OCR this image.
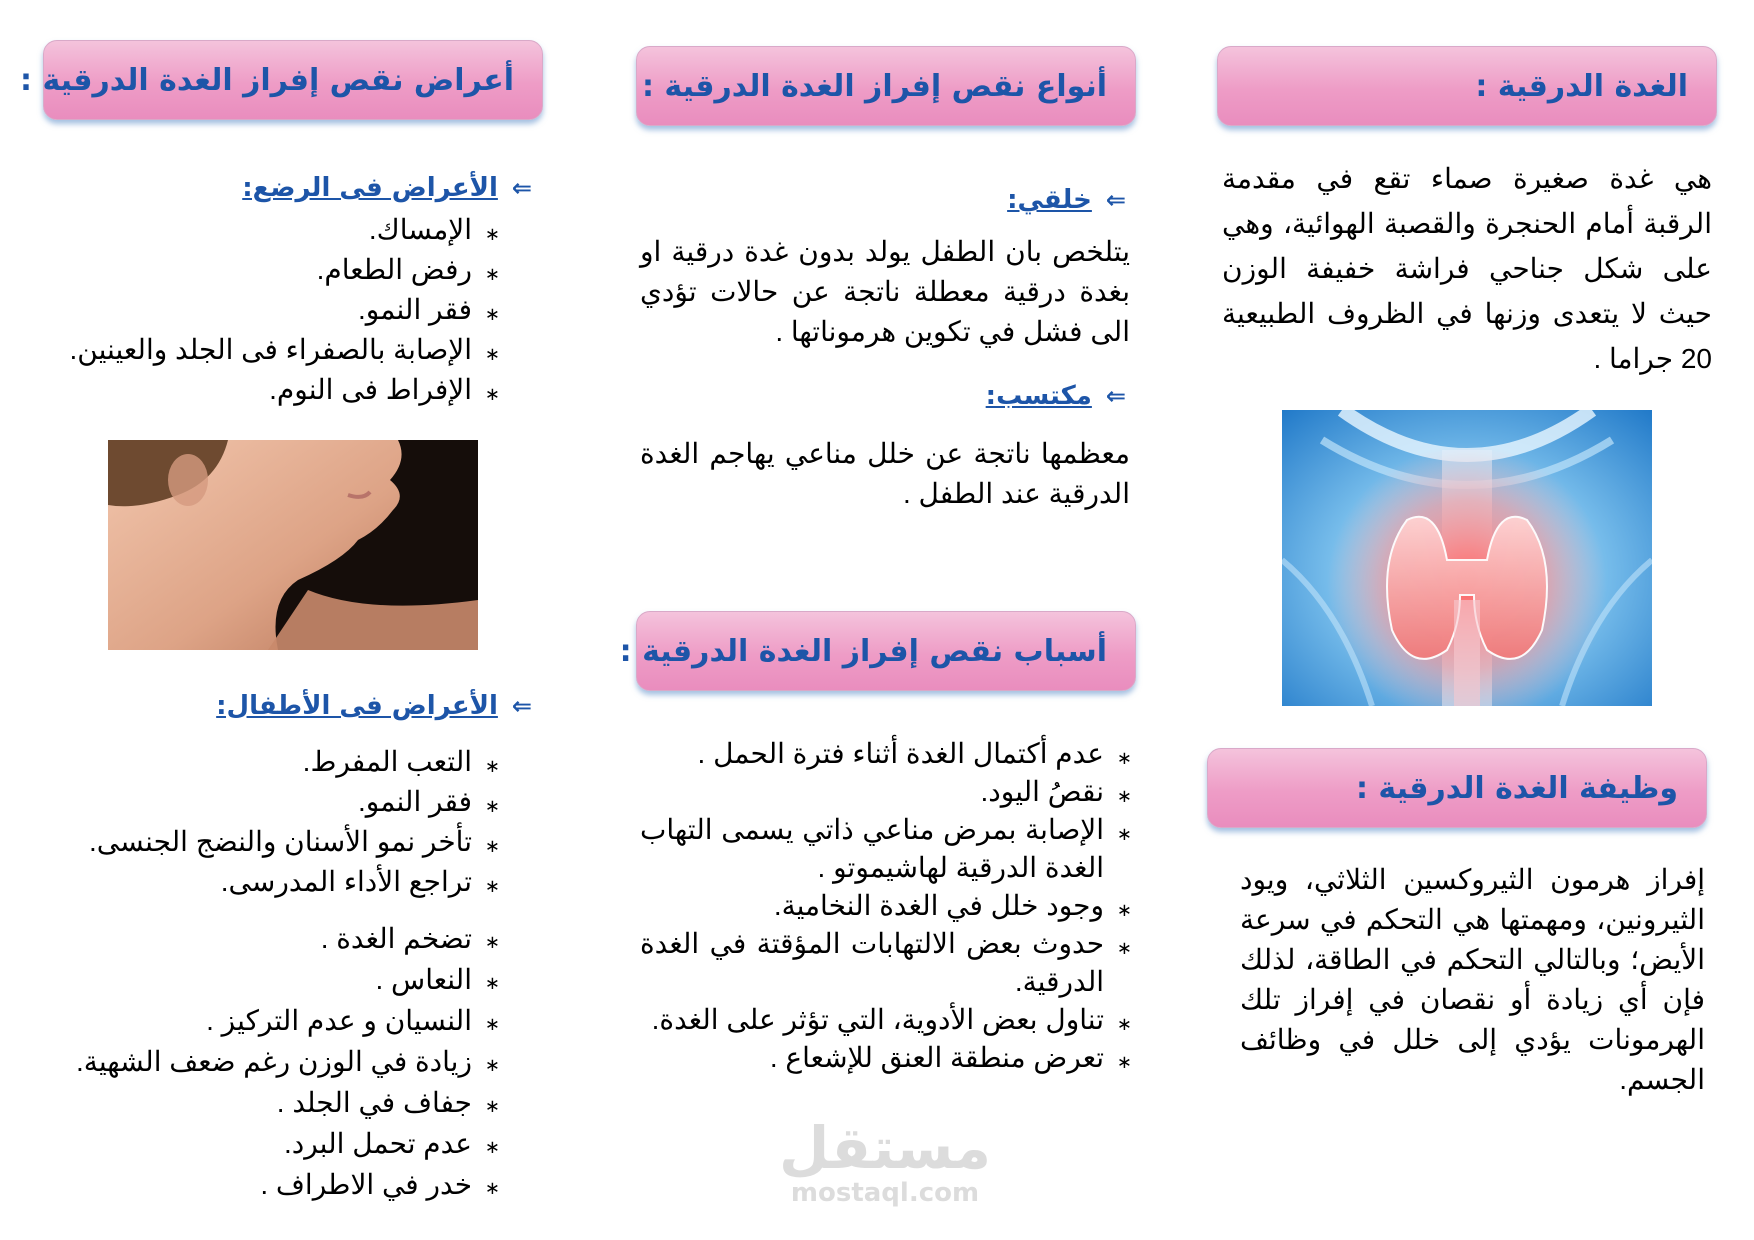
الغدة الدرقية :
هي غدة صغيرة صماء تقع في مقدمة الرقبة أمام الحنجرة والقصبة الهوائية، وهي على شكل جناحي فراشة خفيفة الوزن حيث لا يتعدى وزنها في الظروف الطبيعية 20 جراما .
وظيفة الغدة الدرقية :
إفراز هرمون الثيروكسين الثلاثي، ويود الثيرونين، ومهمتها هي التحكم في سرعة الأيض؛ وبالتالي التحكم في الطاقة، لذلك فإن أي زيادة أو نقصان في إفراز تلك الهرمونات يؤدي إلى خلل في وظائف الجسم.
أنواع نقص إفراز الغدة الدرقية :
⇐خلقي:
يتلخص بان الطفل يولد بدون غدة درقية او بغدة درقية معطلة ناتجة عن حالات تؤدي الى فشل في تكوين هرموناتها .
⇐مكتسب:
معظمها ناتجة عن خلل مناعي يهاجم الغدة الدرقية عند الطفل .
أسباب نقص إفراز الغدة الدرقية :
∗ عدم أكتمال الغدة أثناء فترة الحمل .
∗ نقصُ اليود.
∗ الإصابة بمرض مناعي ذاتي يسمى التهاب الغدة الدرقية لهاشيموتو .
∗ وجود خلل في الغدة النخامية.
∗ حدوث بعض الالتهابات المؤقتة في الغدة الدرقية.
∗ تناول بعض الأدوية، التي تؤثر على الغدة.
∗ تعرض منطقة العنق للإشعاع .
أعراض نقص إفراز الغدة الدرقية :
⇐الأعراض فى الرضع:
∗ الإمساك.
∗ رفض الطعام.
∗ فقر النمو.
∗ الإصابة بالصفراء فى الجلد والعينين.
∗ الإفراط فى النوم.
⇐الأعراض فى الأطفال:
∗ التعب المفرط.
∗ فقر النمو.
∗ تأخر نمو الأسنان والنضج الجنسى.
∗ تراجع الأداء المدرسى.
∗ تضخم الغدة .
∗ النعاس .
∗ النسيان و عدم التركيز .
∗ زيادة في الوزن رغم ضعف الشهية.
∗ جفاف في الجلد .
∗ عدم تحمل البرد.
∗ خدر في الاطراف .
مستقل
mostaql.com
